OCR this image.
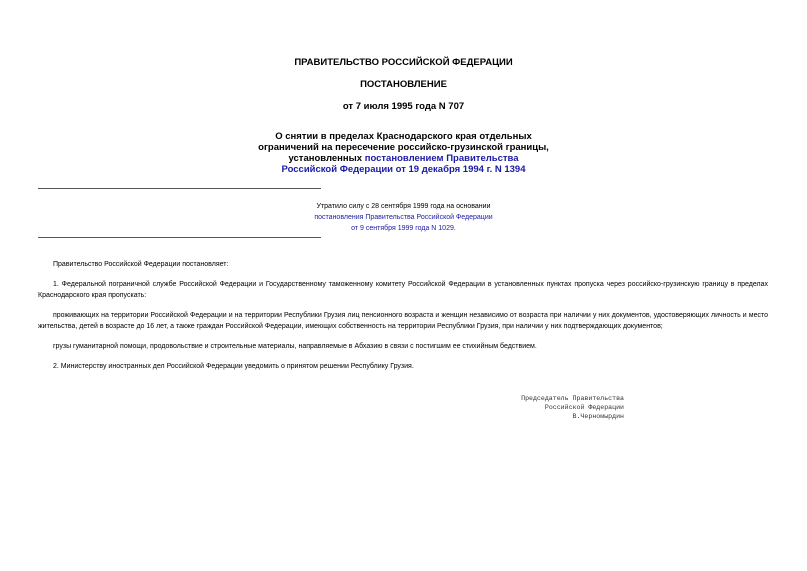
ПРАВИТЕЛЬСТВО РОССИЙСКОЙ ФЕДЕРАЦИИ
ПОСТАНОВЛЕНИЕ
от 7 июля 1995 года N 707
О снятии в пределах Краснодарского края отдельных
ограничений на пересечение российско-грузинской границы,
установленных постановлением Правительства
Российской Федерации от 19 декабря 1994 г. N 1394
Утратило силу с 28 сентября 1999 года на основании
постановления Правительства Российской Федерации
от 9 сентября 1999 года N 1029.

Правительство Российской Федерации постановляет:

1. Федеральной пограничной службе Российской Федерации и Государственному таможенному комитету Российской Федерации в установленных пунктах пропуска через российско-грузинскую границу в пределах Краснодарского края пропускать:

проживающих на территории Российской Федерации и на территории Республики Грузия лиц пенсионного возраста и женщин независимо от возраста при наличии у них документов, удостоверяющих личность и место жительства, детей в возрасте до 16 лет, а также граждан Российской Федерации, имеющих собственность на территории Республики Грузия, при наличии у них подтверждающих документов;

грузы гуманитарной помощи, продовольствие и строительные материалы, направляемые в Абхазию в связи с постигшим ее стихийным бедствием.

2. Министерству иностранных дел Российской Федерации уведомить о принятом решении Республику Грузия.

Председатель Правительства
Российской Федерации
В.Черномырдин
